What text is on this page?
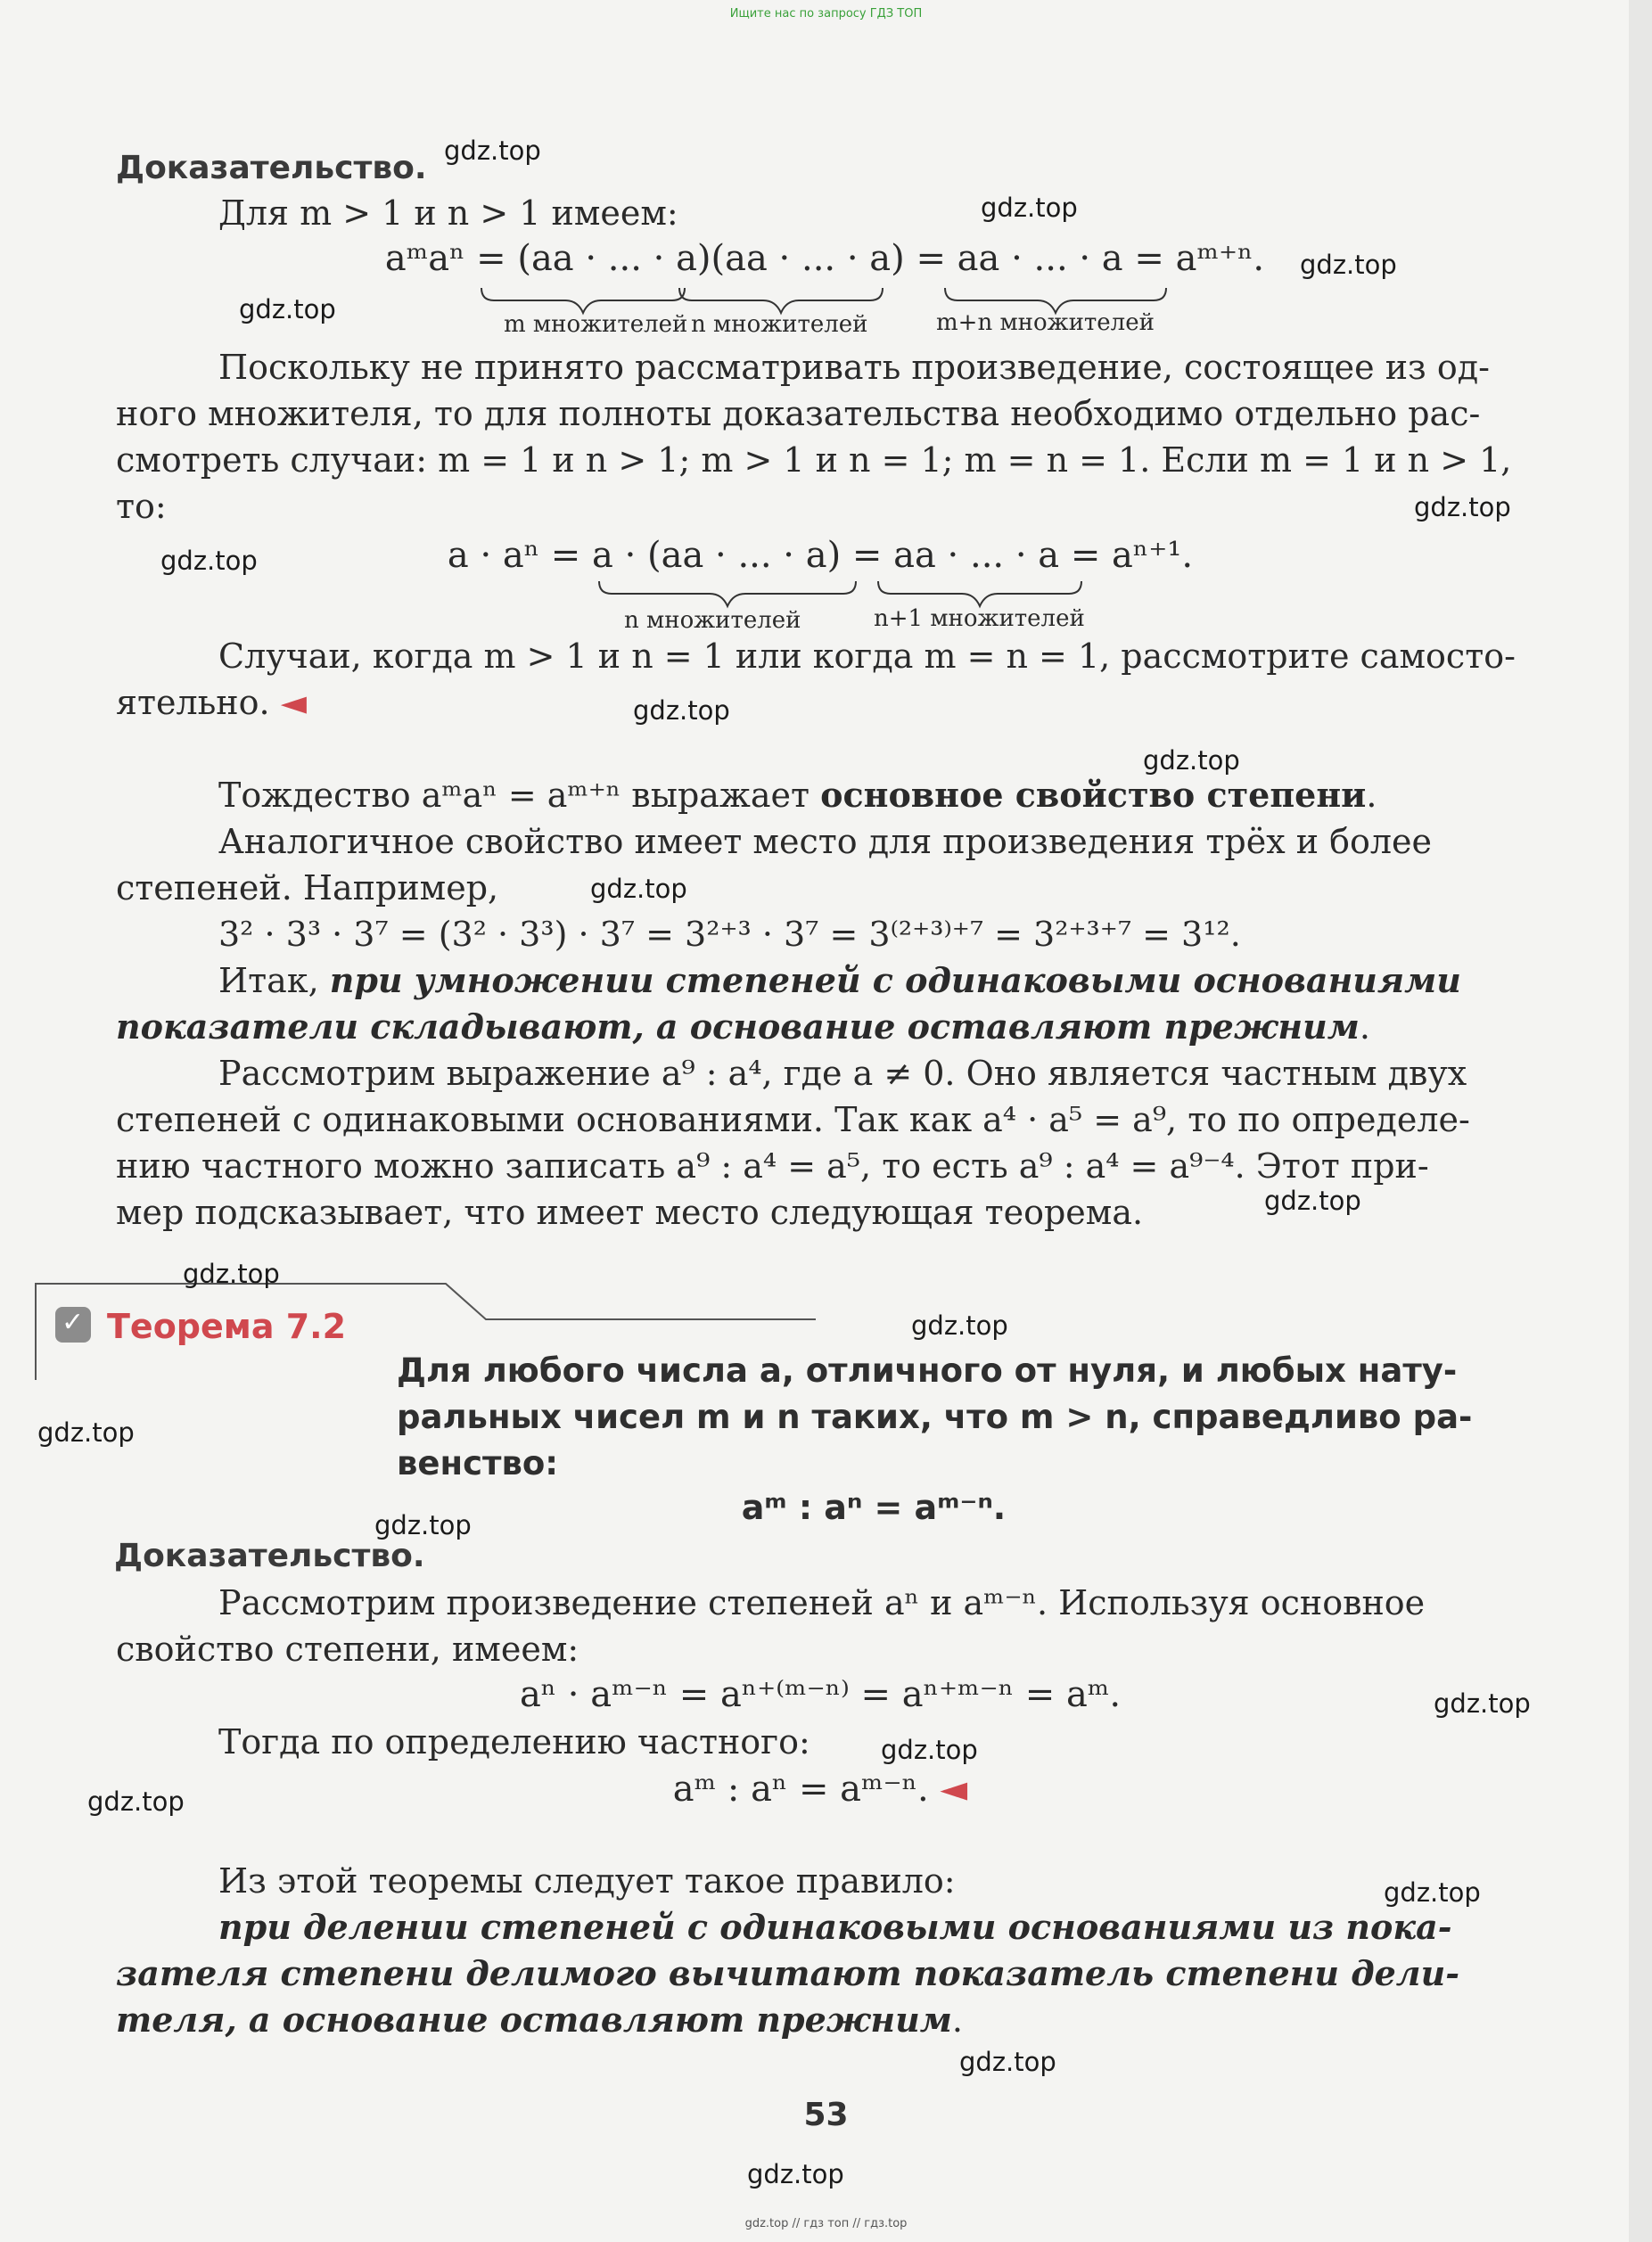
Ищите нас по запросу ГДЗ ТОП
Доказательство.
Для m > 1 и n > 1 имеем:
aᵐaⁿ = (aa · ... · a)(aa · ... · a) = aa · ... · a = aᵐ⁺ⁿ.
m множителей n множителей	m+n множителей
Поскольку не принято рассматривать произведение, состоящее из од-
ного множителя, то для полноты доказательства необходимо отдельно рас-
смотреть случаи: m = 1 и n > 1; m > 1 и n = 1; m = n = 1. Если m = 1 и n > 1,
то:
a · aⁿ = a · (aa · ... · a) = aa · ... · a = aⁿ⁺¹.
n множителей	n+1 множителей
Случаи, когда m > 1 и n = 1 или когда m = n = 1, рассмотрите самосто-
ятельно. ◄
Тождество aᵐaⁿ = aᵐ⁺ⁿ выражает основное свойство степени.
Аналогичное свойство имеет место для произведения трёх и более
степеней. Например,
3² · 3³ · 3⁷ = (3² · 3³) · 3⁷ = 3²⁺³ · 3⁷ = 3⁽²⁺³⁾⁺⁷ = 3²⁺³⁺⁷ = 3¹².
Итак, при умножении степеней с одинаковыми основаниями
показатели складывают, а основание оставляют прежним.
Рассмотрим выражение a⁹ : a⁴, где a ≠ 0. Оно является частным двух
степеней с одинаковыми основаниями. Так как a⁴ · a⁵ = a⁹, то по определе-
нию частного можно записать a⁹ : a⁴ = a⁵, то есть a⁹ : a⁴ = a⁹⁻⁴. Этот при-
мер подсказывает, что имеет место следующая теорема.
✓
Теорема 7.2
Для любого числа a, отличного от нуля, и любых нату-
ральных чисел m и n таких, что m > n, справедливо ра-
венство:
aᵐ : aⁿ = aᵐ⁻ⁿ.
Доказательство.
Рассмотрим произведение степеней aⁿ и aᵐ⁻ⁿ. Используя основное
свойство степени, имеем:
aⁿ · aᵐ⁻ⁿ = aⁿ⁺⁽ᵐ⁻ⁿ⁾ = aⁿ⁺ᵐ⁻ⁿ = aᵐ.
Тогда по определению частного:
aᵐ : aⁿ = aᵐ⁻ⁿ. ◄
Из этой теоремы следует такое правило:
при делении степеней с одинаковыми основаниями из пока-
зателя степени делимого вычитают показатель степени дели-
теля, а основание оставляют прежним.
53
gdz.top
gdz.top
gdz.top
gdz.top
gdz.top
gdz.top
gdz.top
gdz.top
gdz.top
gdz.top
gdz.top
gdz.top
gdz.top
gdz.top
gdz.top
gdz.top
gdz.top
gdz.top
gdz.top
gdz.top
gdz.top // гдз топ // гдз.top
